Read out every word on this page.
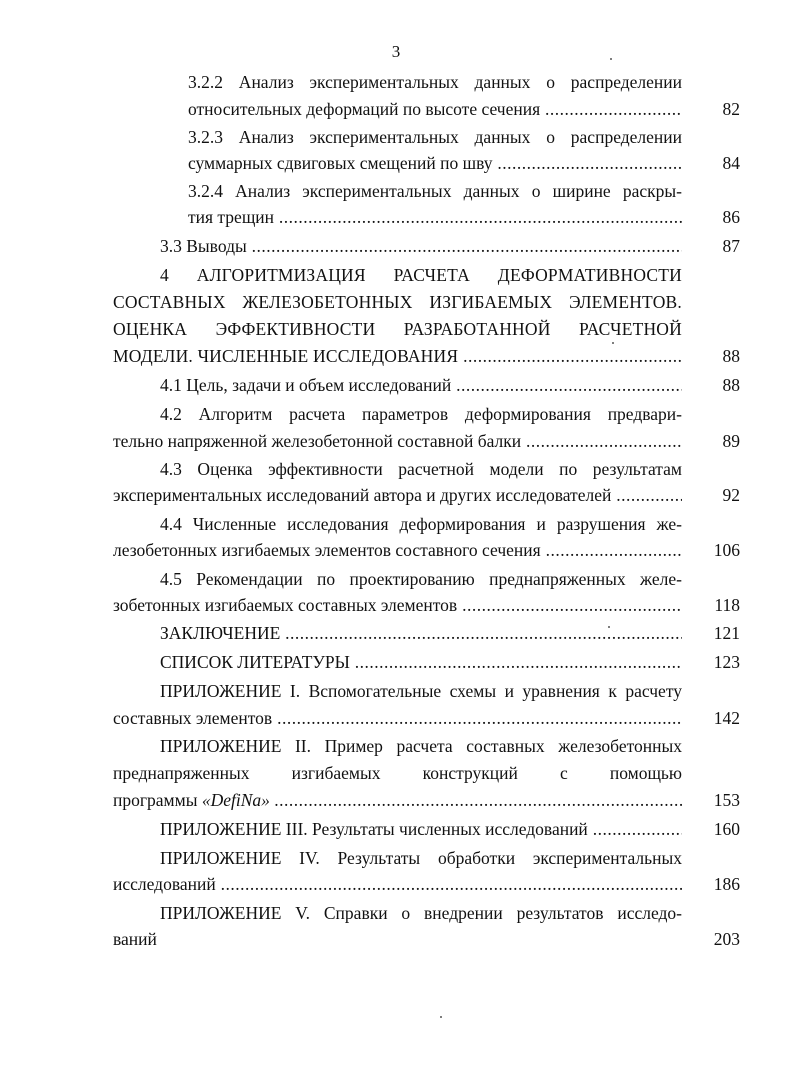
3
3.2.2 Анализ экспериментальных данных о распределении
относительных деформаций по высоте сечения .....	82
3.2.3 Анализ экспериментальных данных о распределении
суммарных сдвиговых смещений по шву .....	84
3.2.4 Анализ экспериментальных данных о ширине раскры-
тия трещин .....	86
3.3 Выводы .....	87
4 АЛГОРИТМИЗАЦИЯ РАСЧЕТА ДЕФОРМАТИВНОСТИ
СОСТАВНЫХ ЖЕЛЕЗОБЕТОННЫХ ИЗГИБАЕМЫХ ЭЛЕМЕНТОВ.
ОЦЕНКА ЭФФЕКТИВНОСТИ РАЗРАБОТАННОЙ РАСЧЕТНОЙ
МОДЕЛИ. ЧИСЛЕННЫЕ ИССЛЕДОВАНИЯ .....	88
4.1 Цель, задачи и объем исследований .....	88
4.2 Алгоритм расчета параметров деформирования предвари-
тельно напряженной железобетонной составной балки .....	89
4.3 Оценка эффективности расчетной модели по результатам
экспериментальных исследований автора и других исследователей .....	92
4.4 Численные исследования деформирования и разрушения же-
лезобетонных изгибаемых элементов составного сечения .....	106
4.5 Рекомендации по проектированию преднапряженных желе-
зобетонных изгибаемых составных элементов .....	118
ЗАКЛЮЧЕНИЕ .....	121
СПИСОК ЛИТЕРАТУРЫ .....	123
ПРИЛОЖЕНИЕ I. Вспомогательные схемы и уравнения к расчету
составных элементов .....	142
ПРИЛОЖЕНИЕ II. Пример расчета составных железобетонных
преднапряженных изгибаемых конструкций с помощью
программы «DefiNa» .....	153
ПРИЛОЖЕНИЕ III. Результаты численных исследований .....	160
ПРИЛОЖЕНИЕ IV. Результаты обработки экспериментальных
исследований .....	186
ПРИЛОЖЕНИЕ V. Справки о внедрении результатов исследо-
ваний	203
